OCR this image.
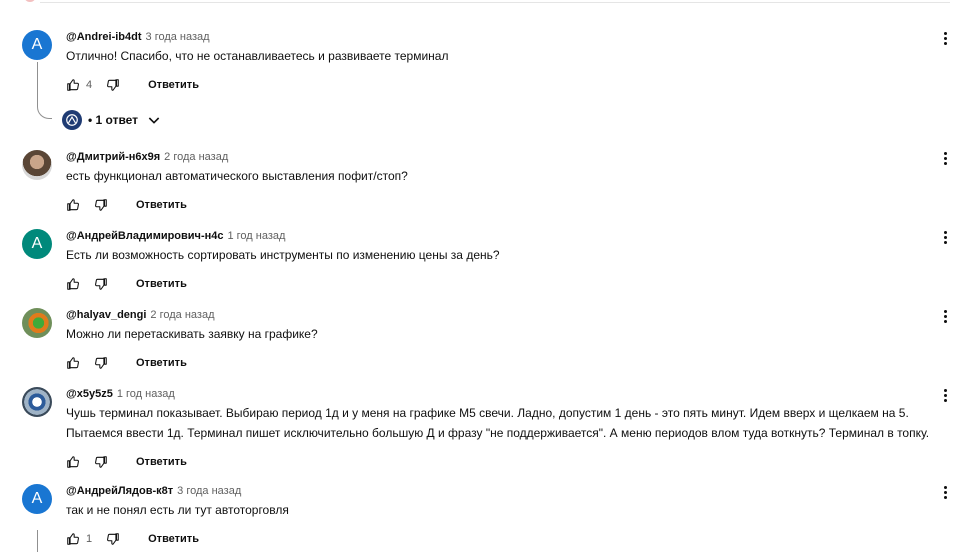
A @Andrei-ib4dt 3 года назад
Отлично! Спасибо, что не останавливаетесь и развиваете терминал
4	Ответить
• 1 ответ
@Дмитрий-н6х9я 2 года назад
есть функционал автоматического выставления пофит/стоп?
Ответить
A @АндрейВладимирович-н4с 1 год назад
Есть ли возможность сортировать инструменты по изменению цены за день?
Ответить
@halyav_dengi 2 года назад
Можно ли перетаскивать заявку на графике?
Ответить
@x5y5z5 1 год назад
Чушь терминал показывает. Выбираю период 1д и у меня на графике М5 свечи. Ладно, допустим 1 день - это пять минут. Идем вверх и щелкаем на 5. Пытаемся ввести 1д. Терминал пишет исключительно большую Д и фразу "не поддерживается". А меню периодов влом туда воткнуть? Терминал в топку.
Ответить
A @АндрейЛядов-к8т 3 года назад
так и не понял есть ли тут автоторговля
1	Ответить
